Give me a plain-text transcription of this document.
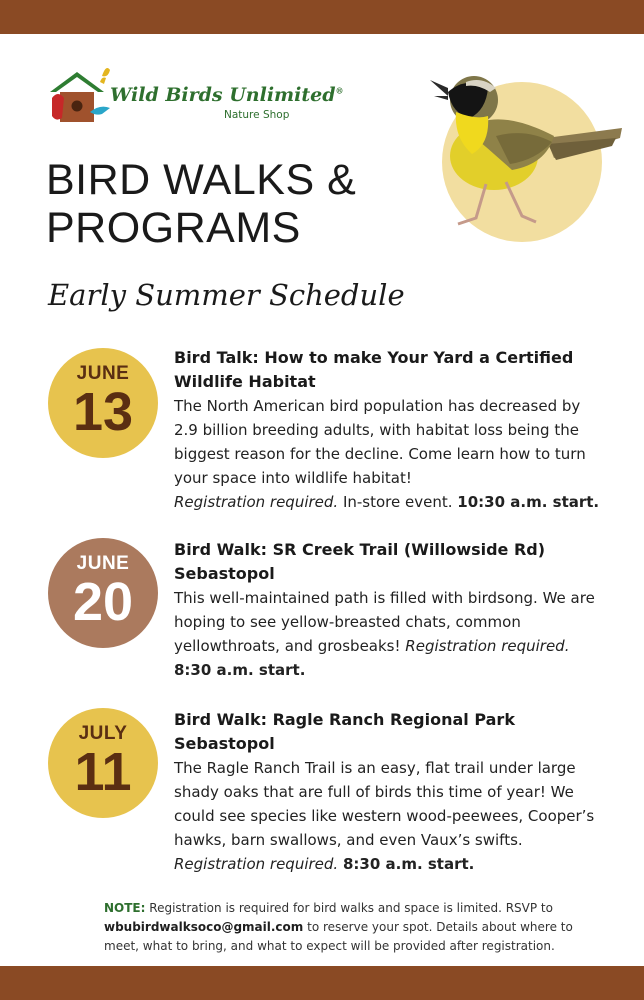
Wild Birds Unlimited®
Nature Shop
BIRD WALKS &
PROGRAMS
Early Summer Schedule
JUNE
13

Bird Talk: How to make Your Yard a Certified Wildlife Habitat

The North American bird population has decreased by 2.9 billion breeding adults, with habitat loss being the biggest reason for the decline. Come learn how to turn your space into wildlife habitat!
Registration required. In-store event. 10:30 a.m. start.

JUNE
20

Bird Walk: SR Creek Trail (Willowside Rd) Sebastopol

This well-maintained path is filled with birdsong. We are hoping to see yellow-breasted chats, common yellowthroats, and grosbeaks! Registration required.
8:30 a.m. start.

JULY
11

Bird Walk: Ragle Ranch Regional Park Sebastopol

The Ragle Ranch Trail is an easy, flat trail under large shady oaks that are full of birds this time of year! We could see species like western wood-peewees, Cooper’s hawks, barn swallows, and even Vaux’s swifts.
Registration required. 8:30 a.m. start.

NOTE: Registration is required for bird walks and space is limited. RSVP to wbubirdwalksoco@gmail.com to reserve your spot. Details about where to meet, what to bring, and what to expect will be provided after registration.
